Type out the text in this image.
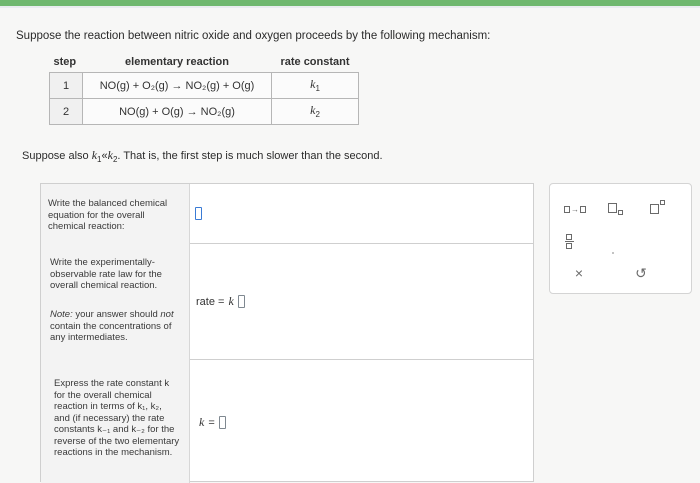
Suppose the reaction between nitric oxide and oxygen proceeds by the following mechanism:
step	elementary reaction	rate constant
1	NO(g) + O₂(g) → NO₂(g) + O(g)	$k_1$
2	NO(g) + O(g) → NO₂(g)	$k_2$
Suppose also $k_1«k_2$. That is, the first step is much slower than the second.
Write the balanced chemical equation for the overall chemical reaction:
Write the experimentally-observable rate law for the overall chemical reaction.
Note: your answer should not contain the concentrations of any intermediates.
rate = k
Express the rate constant k for the overall chemical reaction in terms of k₁, k₂, and (if necessary) the rate constants k₋₁ and k₋₂ for the reverse of the two elementary reactions in the mechanism.
k =
→
×	↺
